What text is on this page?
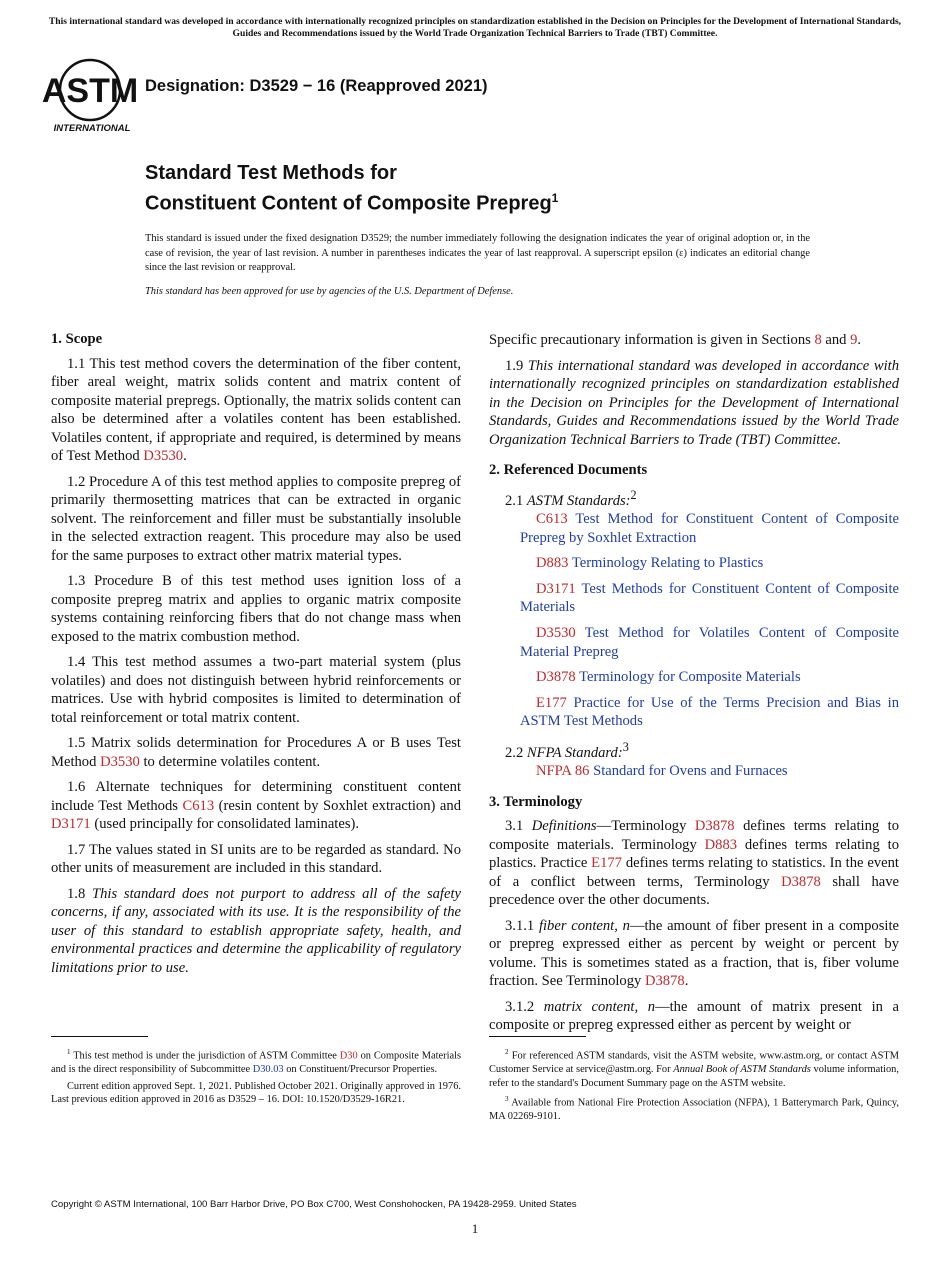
This international standard was developed in accordance with internationally recognized principles on standardization established in the Decision on Principles for the Development of International Standards, Guides and Recommendations issued by the World Trade Organization Technical Barriers to Trade (TBT) Committee.
ASTM
INTERNATIONAL
Designation: D3529 − 16 (Reapproved 2021)
Standard Test Methods for
Constituent Content of Composite Prepreg$^1$
This standard is issued under the fixed designation D3529; the number immediately following the designation indicates the year of original adoption or, in the case of revision, the year of last revision. A number in parentheses indicates the year of last reapproval. A superscript epsilon (ε) indicates an editorial change since the last revision or reapproval.
This standard has been approved for use by agencies of the U.S. Department of Defense.
1. Scope

1.1 This test method covers the determination of the fiber content, fiber areal weight, matrix solids content and matrix content of composite material prepregs. Optionally, the matrix solids content can also be determined after a volatiles content has been established. Volatiles content, if appropriate and required, is determined by means of Test Method D3530.

1.2 Procedure A of this test method applies to composite prepreg of primarily thermosetting matrices that can be extracted in organic solvent. The reinforcement and filler must be substantially insoluble in the selected extraction reagent. This procedure may also be used for the same purposes to extract other matrix material types.

1.3 Procedure B of this test method uses ignition loss of a composite prepreg matrix and applies to organic matrix composite systems containing reinforcing fibers that do not change mass when exposed to the matrix combustion method.

1.4 This test method assumes a two-part material system (plus volatiles) and does not distinguish between hybrid reinforcements or matrices. Use with hybrid composites is limited to determination of total reinforcement or total matrix content.

1.5 Matrix solids determination for Procedures A or B uses Test Method D3530 to determine volatiles content.

1.6 Alternate techniques for determining constituent content include Test Methods C613 (resin content by Soxhlet extraction) and D3171 (used principally for consolidated laminates).

1.7 The values stated in SI units are to be regarded as standard. No other units of measurement are included in this standard.

1.8 This standard does not purport to address all of the safety concerns, if any, associated with its use. It is the responsibility of the user of this standard to establish appropriate safety, health, and environmental practices and determine the applicability of regulatory limitations prior to use.

Specific precautionary information is given in Sections 8 and 9.

1.9 This international standard was developed in accordance with internationally recognized principles on standardization established in the Decision on Principles for the Development of International Standards, Guides and Recommendations issued by the World Trade Organization Technical Barriers to Trade (TBT) Committee.

2. Referenced Documents
2.1 ASTM Standards:$^2$

C613 Test Method for Constituent Content of Composite Prepreg by Soxhlet Extraction

D883 Terminology Relating to Plastics

D3171 Test Methods for Constituent Content of Composite Materials

D3530 Test Method for Volatiles Content of Composite Material Prepreg

D3878 Terminology for Composite Materials

E177 Practice for Use of the Terms Precision and Bias in ASTM Test Methods

2.2 NFPA Standard:$^3$

NFPA 86 Standard for Ovens and Furnaces

3. Terminology

3.1 Definitions—Terminology D3878 defines terms relating to composite materials. Terminology D883 defines terms relating to plastics. Practice E177 defines terms relating to statistics. In the event of a conflict between terms, Terminology D3878 shall have precedence over the other documents.

3.1.1 fiber content, n—the amount of fiber present in a composite or prepreg expressed either as percent by weight or percent by volume. This is sometimes stated as a fraction, that is, fiber volume fraction. See Terminology D3878.

3.1.2 matrix content, n—the amount of matrix present in a composite or prepreg expressed either as percent by weight or

$^1$ This test method is under the jurisdiction of ASTM Committee D30 on Composite Materials and is the direct responsibility of Subcommittee D30.03 on Constituent/Precursor Properties.

Current edition approved Sept. 1, 2021. Published October 2021. Originally approved in 1976. Last previous edition approved in 2016 as D3529 – 16. DOI: 10.1520/D3529-16R21.

$^2$ For referenced ASTM standards, visit the ASTM website, www.astm.org, or contact ASTM Customer Service at service@astm.org. For Annual Book of ASTM Standards volume information, refer to the standard's Document Summary page on the ASTM website.

$^3$ Available from National Fire Protection Association (NFPA), 1 Batterymarch Park, Quincy, MA 02269-9101.

Copyright © ASTM International, 100 Barr Harbor Drive, PO Box C700, West Conshohocken, PA 19428-2959. United States
1
